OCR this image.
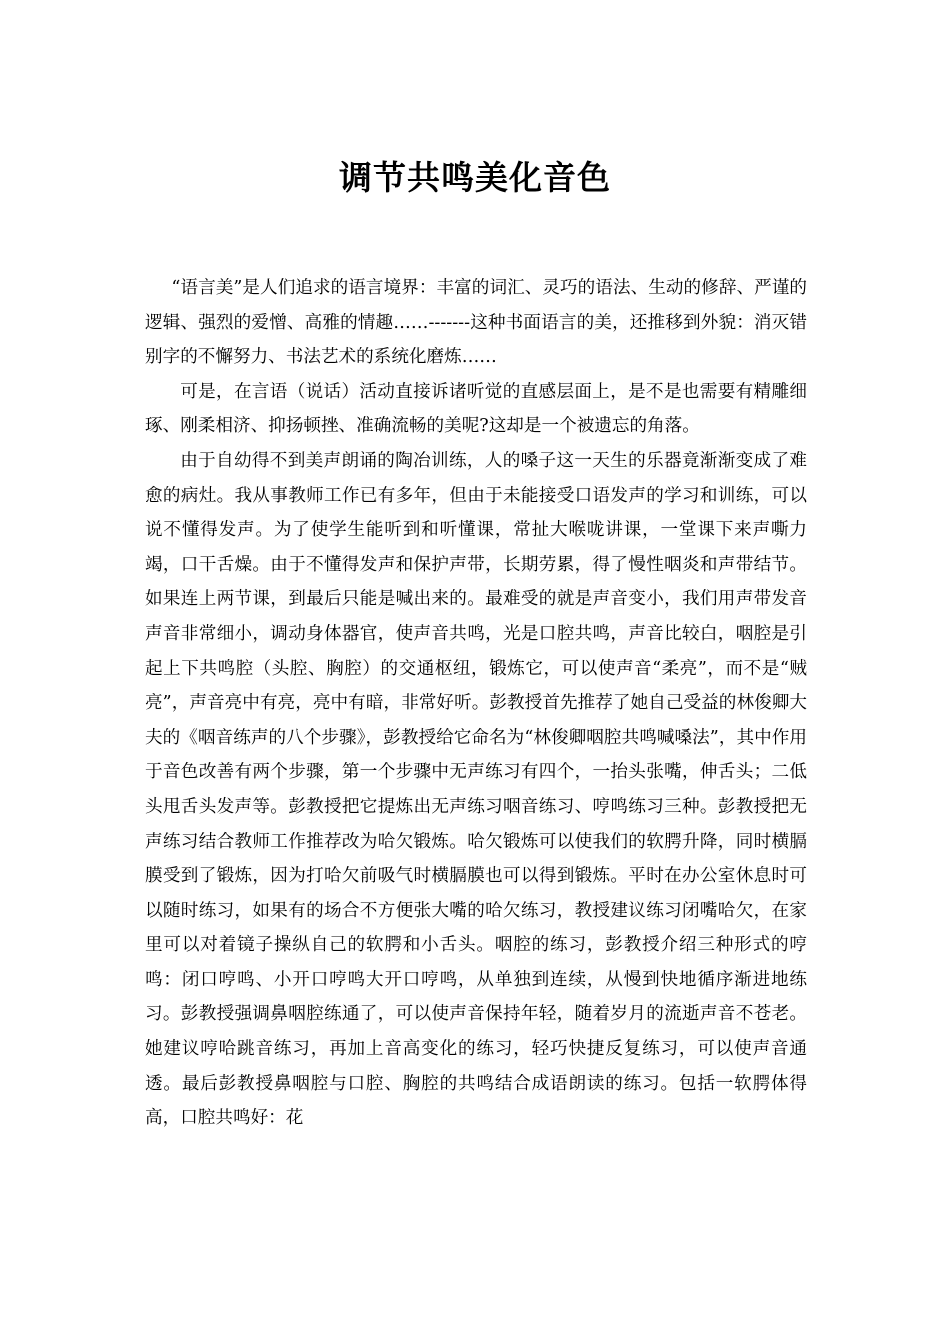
调节共鸣美化音色

“语言美”是人们追求的语言境界：丰富的词汇、灵巧的语法、生动的修辞、严谨的逻辑、强烈的爱憎、高雅的情趣……-------这种书面语言的美，还推移到外貌：消灭错别字的不懈努力、书法艺术的系统化磨炼……

可是，在言语（说话）活动直接诉诸听觉的直感层面上，是不是也需要有精雕细琢、刚柔相济、抑扬顿挫、准确流畅的美呢?这却是一个被遗忘的角落。

由于自幼得不到美声朗诵的陶冶训练，人的嗓子这一天生的乐器竟渐渐变成了难愈的病灶。我从事教师工作已有多年，但由于未能接受口语发声的学习和训练，可以说不懂得发声。为了使学生能听到和听懂课，常扯大喉咙讲课，一堂课下来声嘶力竭，口干舌燥。由于不懂得发声和保护声带，长期劳累，得了慢性咽炎和声带结节。如果连上两节课，到最后只能是喊出来的。最难受的就是声音变小，我们用声带发音声音非常细小，调动身体器官，使声音共鸣，光是口腔共鸣，声音比较白，咽腔是引起上下共鸣腔（头腔、胸腔）的交通枢纽，锻炼它，可以使声音“柔亮”，而不是“贼亮”，声音亮中有亮，亮中有暗，非常好听。彭教授首先推荐了她自己受益的林俊卿大夫的《咽音练声的八个步骤》，彭教授给它命名为“林俊卿咽腔共鸣喊嗓法”，其中作用于音色改善有两个步骤，第一个步骤中无声练习有四个，一抬头张嘴，伸舌头；二低头甩舌头发声等。彭教授把它提炼出无声练习咽音练习、哼鸣练习三种。彭教授把无声练习结合教师工作推荐改为哈欠锻炼。哈欠锻炼可以使我们的软腭升降，同时横膈膜受到了锻炼，因为打哈欠前吸气时横膈膜也可以得到锻炼。平时在办公室休息时可以随时练习，如果有的场合不方便张大嘴的哈欠练习，教授建议练习闭嘴哈欠，在家里可以对着镜子操纵自己的软腭和小舌头。咽腔的练习，彭教授介绍三种形式的哼鸣：闭口哼鸣、小开口哼鸣大开口哼鸣，从单独到连续，从慢到快地循序渐进地练习。彭教授强调鼻咽腔练通了，可以使声音保持年轻，随着岁月的流逝声音不苍老。她建议哼哈跳音练习，再加上音高变化的练习，轻巧快捷反复练习，可以使声音通透。最后彭教授鼻咽腔与口腔、胸腔的共鸣结合成语朗读的练习。包括一软腭体得高，口腔共鸣好：花
